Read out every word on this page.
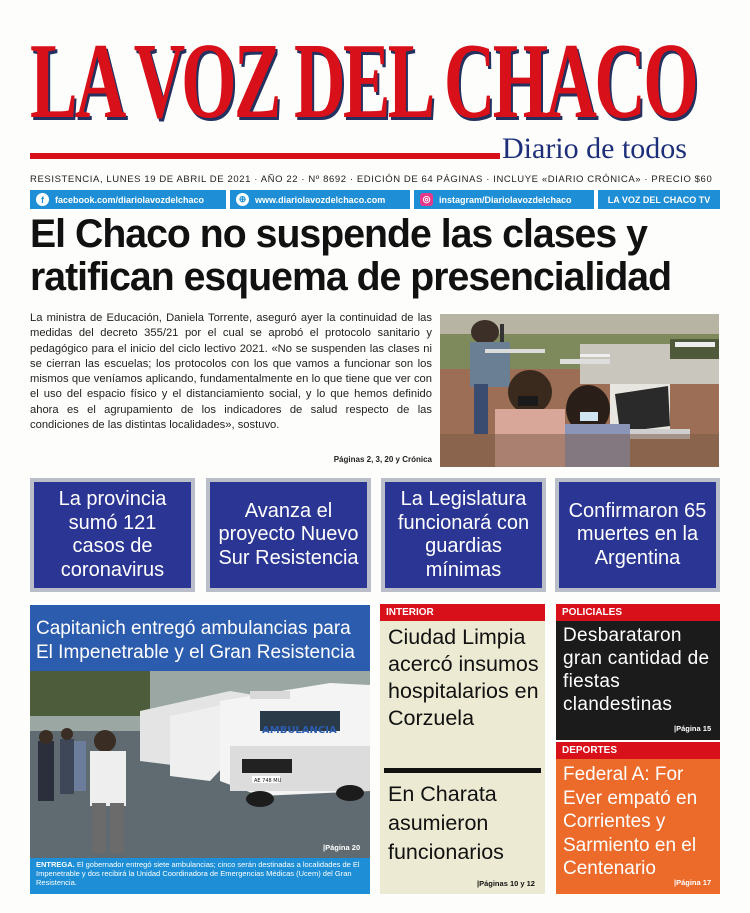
LA VOZ DEL CHACO
Diario de todos
RESISTENCIA, LUNES 19 DE ABRIL DE 2021 · AÑO 22 · Nº 8692 · EDICIÓN DE 64 PÁGINAS · INCLUYE «DIARIO CRÓNICA» · PRECIO $60
f	facebook.com/diariolavozdelchaco	⊕ www.diariolavozdelchaco.com	◎ instagram/Diariolavozdelchaco	LA VOZ DEL CHACO TV
El Chaco no suspende las clases y ratifican esquema de presencialidad
La ministra de Educación, Daniela Torrente, aseguró ayer la continuidad de las medidas del decreto 355/21 por el cual se aprobó el protocolo sanitario y pedagógico para el inicio del ciclo lectivo 2021. «No se suspenden las clases ni se cierran las escuelas; los protocolos con los que vamos a funcionar son los mismos que veníamos aplicando, fundamentalmente en lo que tiene que ver con el uso del espacio físico y el distanciamiento social, y lo que hemos definido ahora es el agrupamiento de los indicadores de salud respecto de las condiciones de las distintas localidades», sostuvo.
Páginas 2, 3, 20 y Crónica
La provincia sumó 121 casos de coronavirus
Avanza el proyecto Nuevo Sur Resistencia
La Legislatura funcionará con guardias mínimas
Confirmaron 65 muertes en la Argentina
Capitanich entregó ambulancias para El Impenetrable y el Gran Resistencia
AMBULANCIA
AE 748 MU
|Página 20
ENTREGA. El gobernador entregó siete ambulancias; cinco serán destinadas a localidades de El Impenetrable y dos recibirá la Unidad Coordinadora de Emergencias Médicas (Ucem) del Gran Resistencia.
INTERIOR
Ciudad Limpia acercó insumos hospitalarios en Corzuela
En Charata asumieron funcionarios
|Páginas 10 y 12
POLICIALES
Desbarataron gran cantidad de fiestas clandestinas
|Página 15
DEPORTES
Federal A: For Ever empató en Corrientes y Sarmiento en el Centenario
|Página 17
